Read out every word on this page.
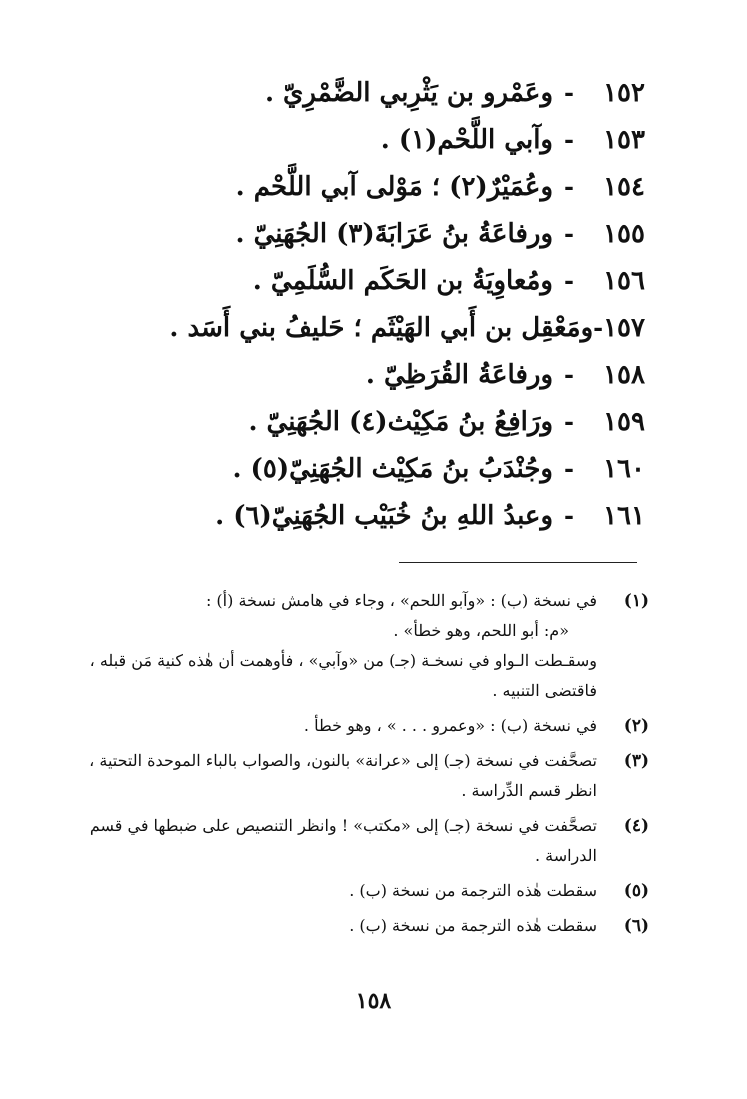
١٥٢
-
وعَمْرو بن يَثْرِبي الضَّمْرِيّ .
١٥٣
-
وآبي اللَّحْم(١) .
١٥٤
-
وعُمَيْرٌ(٢) ؛ مَوْلى آبي اللَّحْم .
١٥٥
-
ورفاعَةُ بنُ عَرَابَةَ(٣) الجُهَنِيّ .
١٥٦
-
ومُعاوِيَةُ بن الحَكَم السُّلَمِيّ .
١٥٧
-
ومَعْقِل بن أَبي الهَيْثَم ؛ حَليفُ بني أَسَد .
١٥٨
-
ورفاعَةُ القُرَظِيّ .
١٥٩
-
ورَافِعُ بنُ مَكِيْث(٤) الجُهَنِيّ .
١٦٠
-
وجُنْدَبُ بنُ مَكِيْث الجُهَنِيّ(٥) .
١٦١
-
وعبدُ اللهِ بنُ خُبَيْب الجُهَنِيّ(٦) .
(١)
في نسخة (ب) : «وآبو اللحم» ، وجاء في هامش نسخة (أ) :
«م: أبو اللحم، وهو خطأ» .
وسقـطت الـواو في نسخـة (جـ) من «وآبي» ، فأوهمت أن هٰذه كنية مَن قبله ،
فاقتضى التنبيه .
(٢)
في نسخة (ب) : «وعمرو . . . » ، وهو خطأ .
(٣)
تصحَّفت في نسخة (جـ) إلى «عرانة» بالنون، والصواب بالباء الموحدة التحتية ،
انظر قسم الدِّراسة .
(٤)
تصحَّفت في نسخة (جـ) إلى «مكتب» ! وانظر التنصيص على ضبطها في قسم
الدراسة .
(٥)
سقطت هٰذه الترجمة من نسخة (ب) .
(٦)
سقطت هٰذه الترجمة من نسخة (ب) .
١٥٨
